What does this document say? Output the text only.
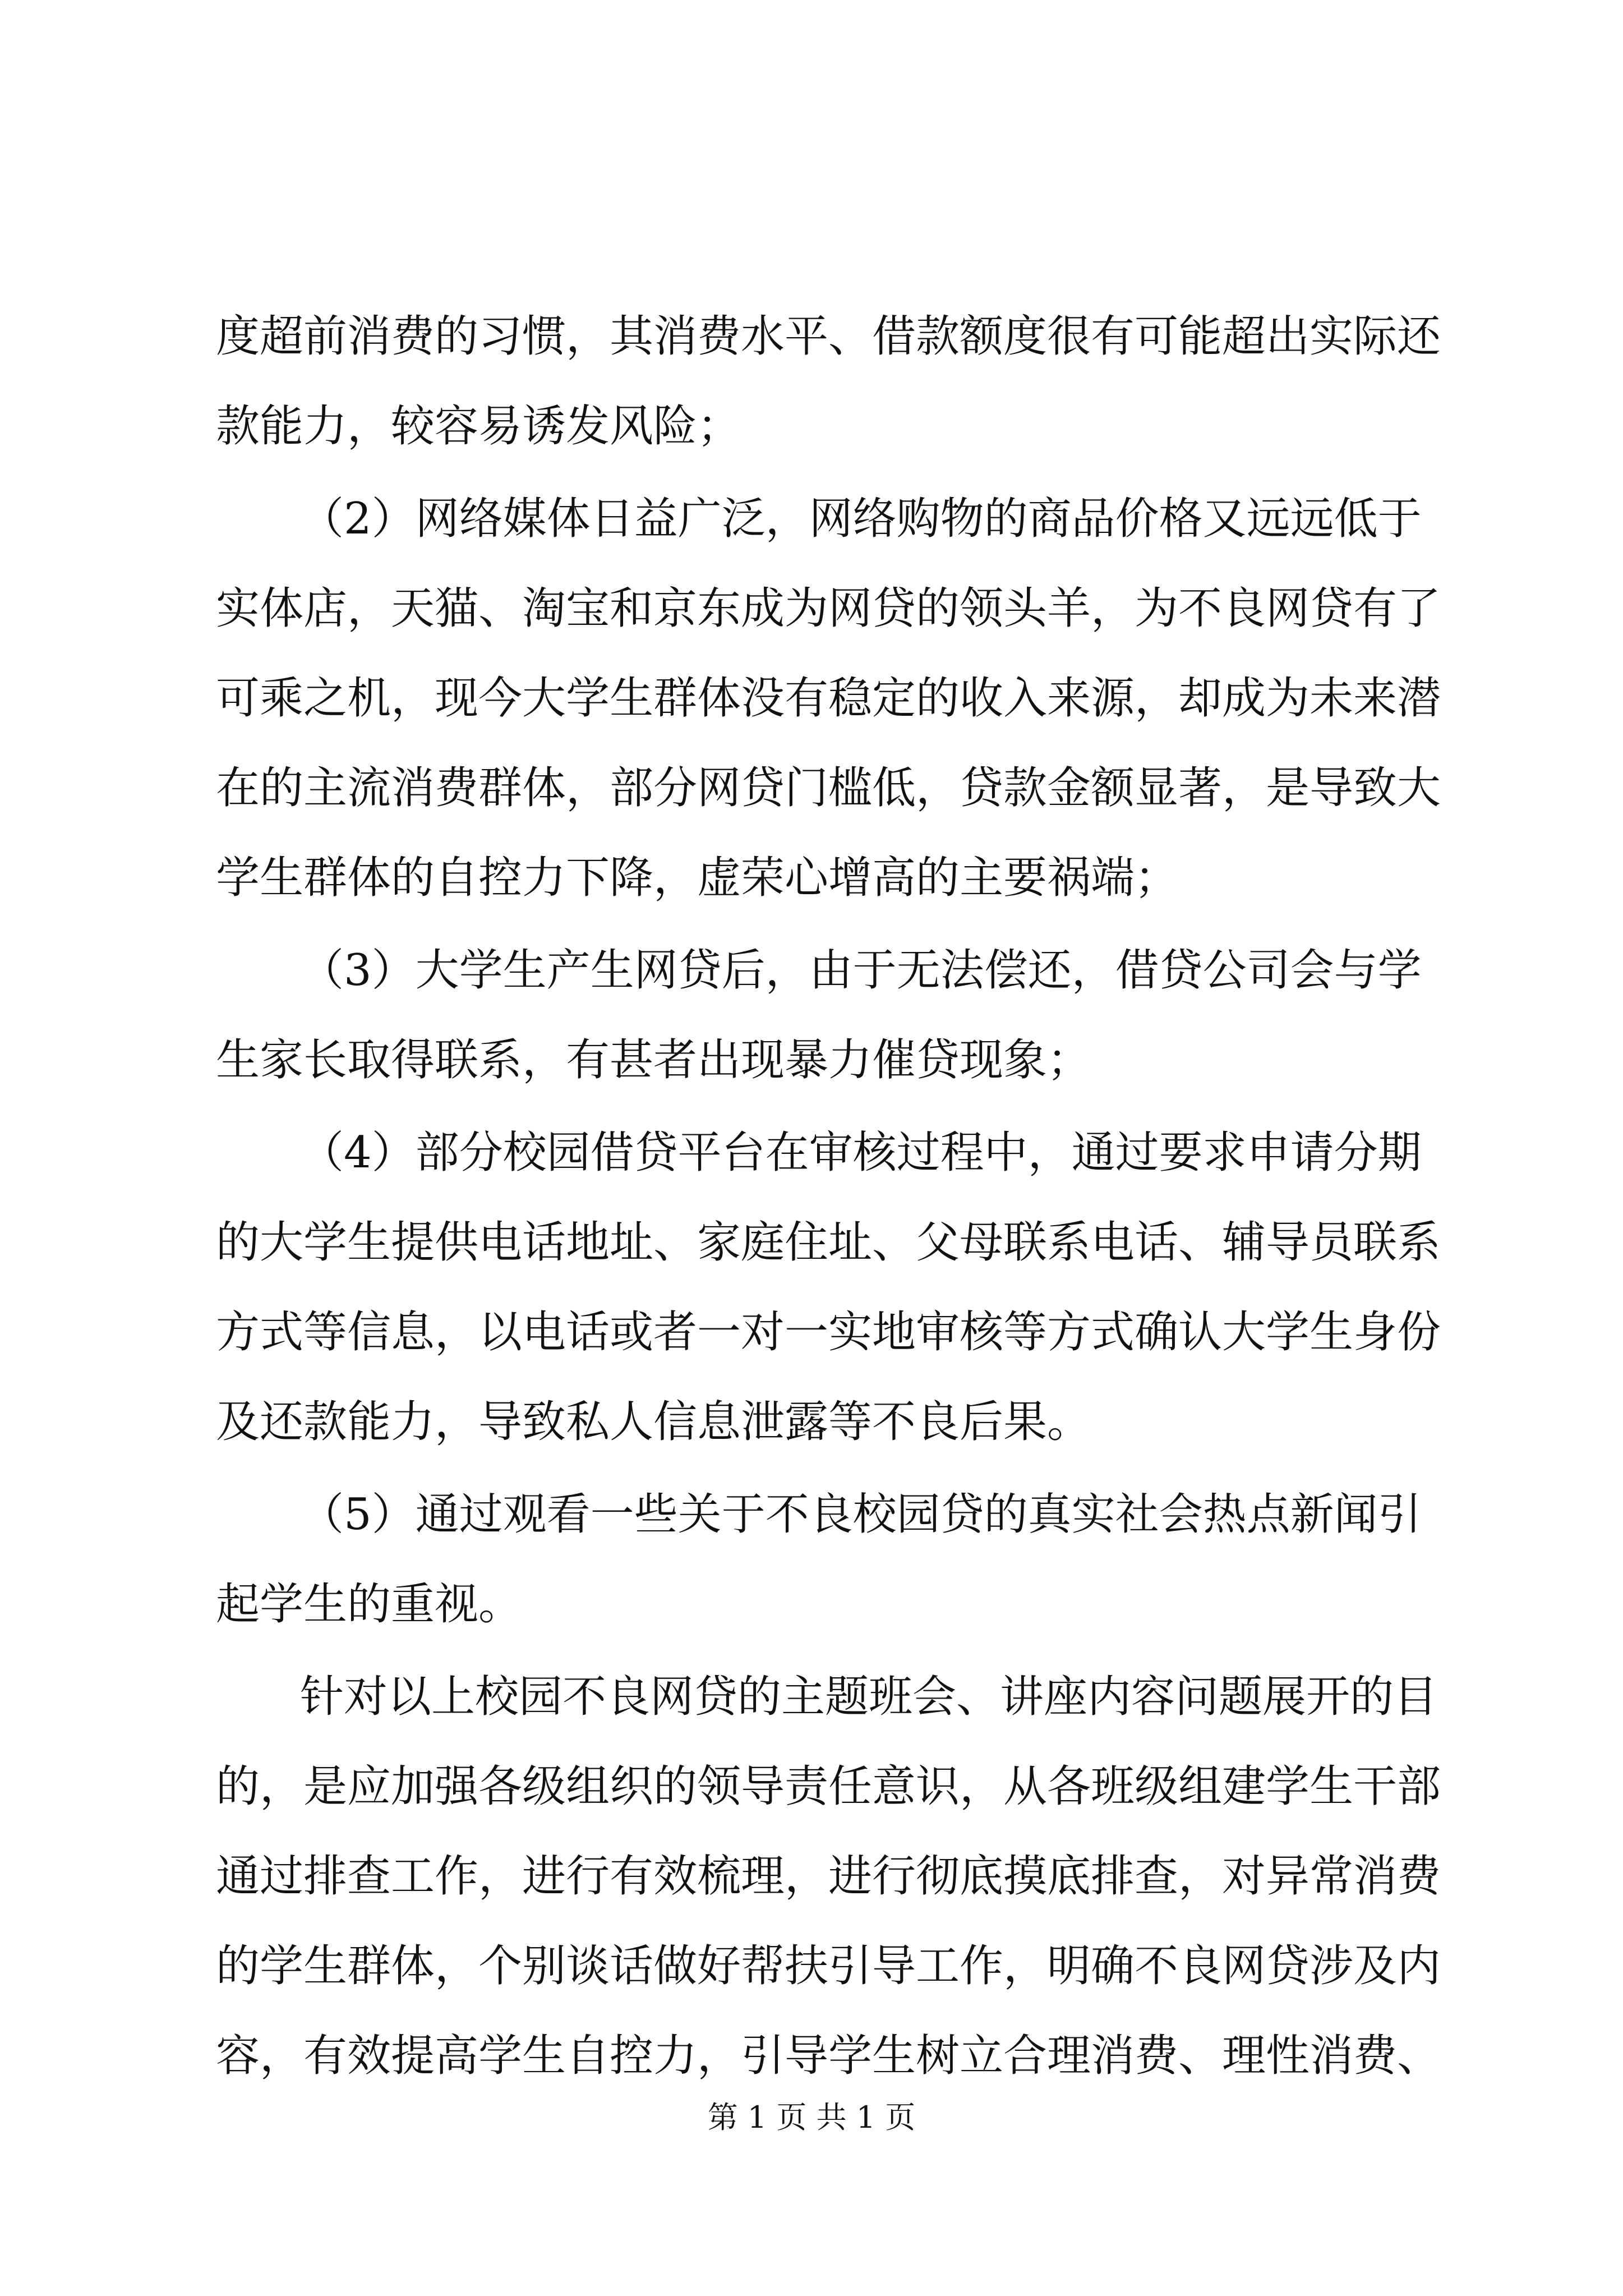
度超前消费的习惯，其消费水平、借款额度很有可能超出实际还
款能力，较容易诱发风险；
（2）网络媒体日益广泛，网络购物的商品价格又远远低于
实体店，天猫、淘宝和京东成为网贷的领头羊，为不良网贷有了
可乘之机，现今大学生群体没有稳定的收入来源，却成为未来潜
在的主流消费群体，部分网贷门槛低，贷款金额显著，是导致大
学生群体的自控力下降，虚荣心增高的主要祸端；
（3）大学生产生网贷后，由于无法偿还，借贷公司会与学
生家长取得联系，有甚者出现暴力催贷现象；
（4）部分校园借贷平台在审核过程中，通过要求申请分期
的大学生提供电话地址、家庭住址、父母联系电话、辅导员联系
方式等信息，以电话或者一对一实地审核等方式确认大学生身份
及还款能力，导致私人信息泄露等不良后果。
（5）通过观看一些关于不良校园贷的真实社会热点新闻引
起学生的重视。
针对以上校园不良网贷的主题班会、讲座内容问题展开的目
的，是应加强各级组织的领导责任意识，从各班级组建学生干部
通过排查工作，进行有效梳理，进行彻底摸底排查，对异常消费
的学生群体，个别谈话做好帮扶引导工作，明确不良网贷涉及内
容，有效提高学生自控力，引导学生树立合理消费、理性消费、
第 1 页 共 1 页
